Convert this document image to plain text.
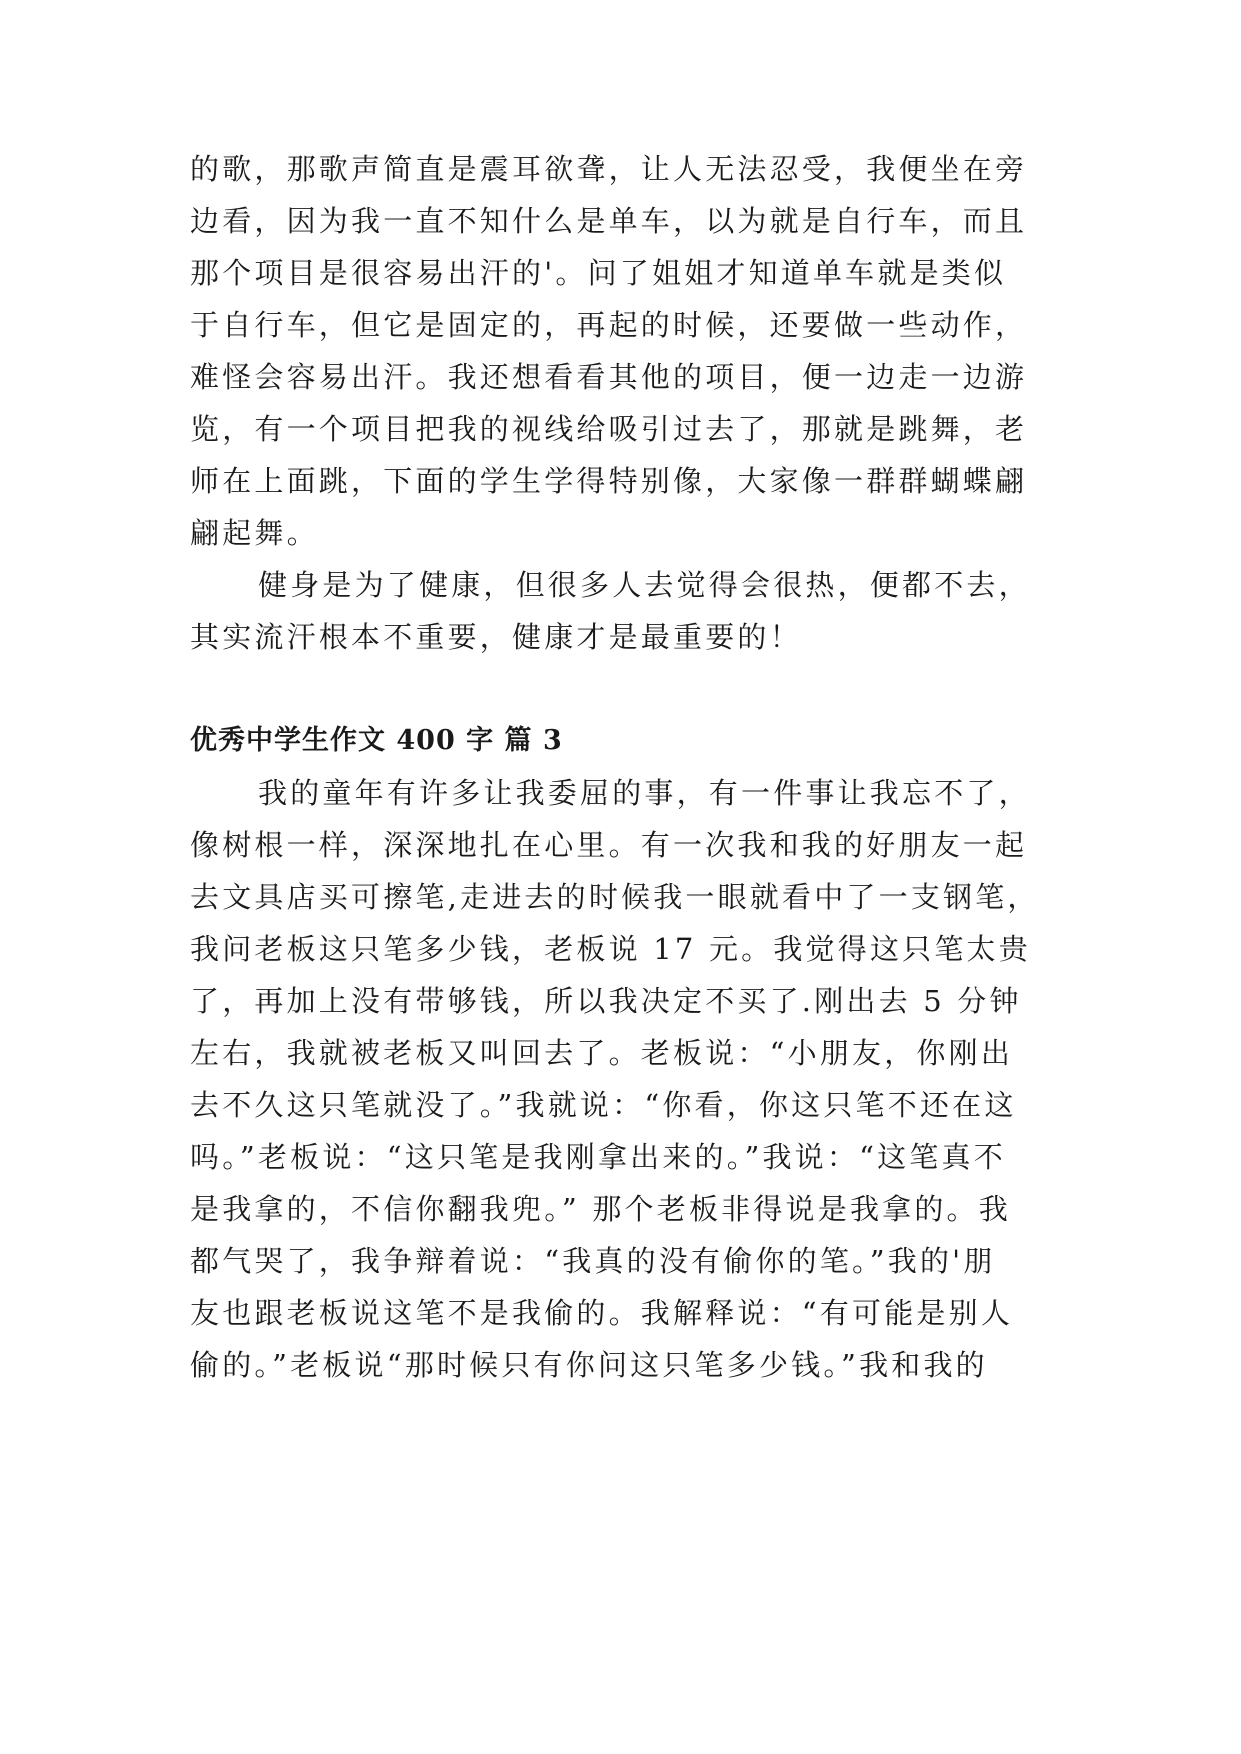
的歌，那歌声简直是震耳欲聋，让人无法忍受，我便坐在旁

边看，因为我一直不知什么是单车，以为就是自行车，而且

那个项目是很容易出汗的'。问了姐姐才知道单车就是类似

于自行车，但它是固定的，再起的时候，还要做一些动作，

难怪会容易出汗。我还想看看其他的项目，便一边走一边游

览，有一个项目把我的视线给吸引过去了，那就是跳舞，老

师在上面跳，下面的学生学得特别像，大家像一群群蝴蝶翩

翩起舞。

健身是为了健康，但很多人去觉得会很热，便都不去，

其实流汗根本不重要，健康才是最重要的！

优秀中学生作文 400 字 篇 3

我的童年有许多让我委屈的事，有一件事让我忘不了，

像树根一样，深深地扎在心里。有一次我和我的好朋友一起

去文具店买可擦笔,走进去的时候我一眼就看中了一支钢笔，

我问老板这只笔多少钱，老板说 17 元。我觉得这只笔太贵

了，再加上没有带够钱，所以我决定不买了.刚出去 5 分钟

左右，我就被老板又叫回去了。老板说：“小朋友，你刚出

去不久这只笔就没了。”我就说：“你看，你这只笔不还在这

吗。”老板说：“这只笔是我刚拿出来的。”我说：“这笔真不

是我拿的，不信你翻我兜。” 那个老板非得说是我拿的。我

都气哭了，我争辩着说：“我真的没有偷你的笔。”我的'朋

友也跟老板说这笔不是我偷的。我解释说：“有可能是别人

偷的。”老板说“那时候只有你问这只笔多少钱。”我和我的
